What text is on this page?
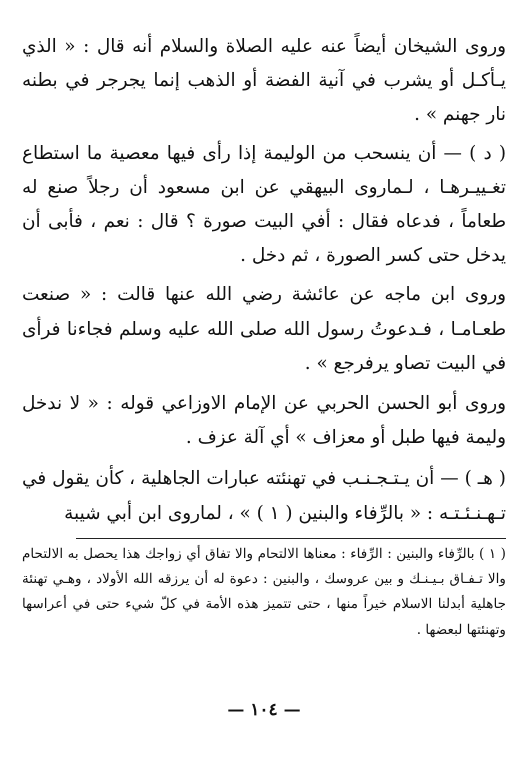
وروى الشيخان أيضاً عنه عليه الصلاة والسلام أنه قال : « الذي يـأكـل أو يشرب في آنية الفضة أو الذهب إنما يجرجر في بطنه نار جهنم » .

( د ) — أن ينسحب من الوليمة إذا رأى فيها معصية ما استطاع تغـييـرهـا ، لـماروى البيهقي عن ابن مسعود أن رجلاً صنع له طعاماً ، فدعاه فقال : أفي البيت صورة ؟ قال : نعم ، فأبى أن يدخل حتى كسر الصورة ، ثم دخل .

وروى ابن ماجه عن عائشة رضي الله عنها قالت : « صنعت طعـامـا ، فـدعوتُ رسول الله صلى الله عليه وسلم فجاءنا فرأى في البيت تصاو يرفرجع » .

وروى أبو الحسن الحربي عن الإمام الاوزاعي قوله : « لا ندخل وليمة فيها طبل أو معزاف » أي آلة عزف .

( هـ ) — أن يـتـجـنـب في تهنئته عبارات الجاهلية ، كأن يقول في تـهـنـئـتـه : « بالرِّفاء والبنين ( ١ ) » ، لماروى ابن أبي شيبة

( ١ ) بالرِّفاء والبنين : الرِّفاء : معناها الالتحام والا تفاق أي زواجك هذا يحصل به الالتحام والا تـفـاق بـيـنـك و بين عروسك ، والبنين : دعوة له أن يرزقه الله الأولاد ، وهـي تهنئة جاهلية أبدلنا الاسلام خيراً منها ، حتى تتميز هذه الأمة في كلّ شيء حتى في أعراسها وتهنئتها لبعضها .

— ١٠٤ —
